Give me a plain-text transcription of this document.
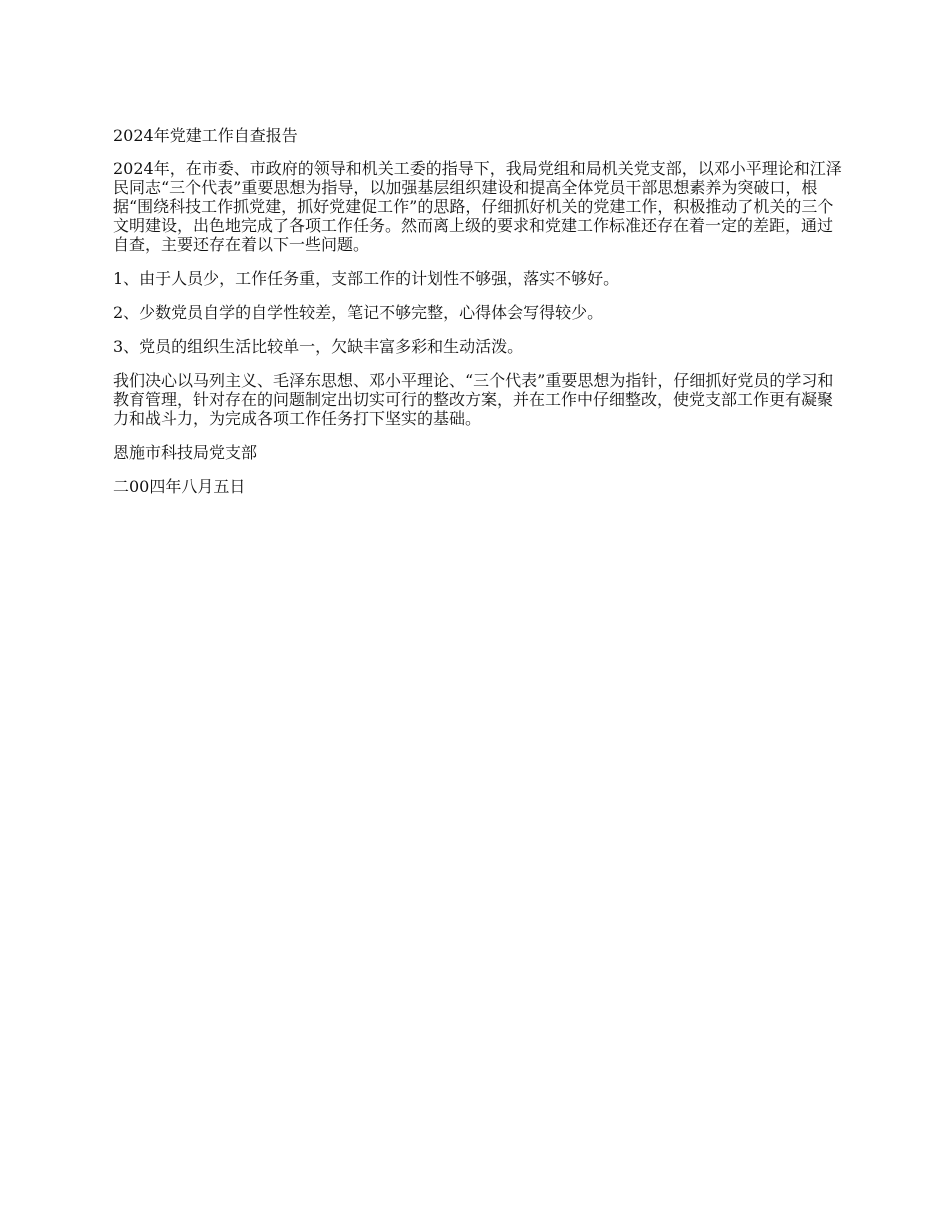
2024年党建工作自查报告

2024年，在市委、市政府的领导和机关工委的指导下，我局党组和局机关党支部，以邓小平理论和江泽民同志“三个代表”重要思想为指导，以加强基层组织建设和提高全体党员干部思想素养为突破口，根据“围绕科技工作抓党建，抓好党建促工作”的思路，仔细抓好机关的党建工作，积极推动了机关的三个文明建设，出色地完成了各项工作任务。然而离上级的要求和党建工作标准还存在着一定的差距，通过自查，主要还存在着以下一些问题。

1、由于人员少，工作任务重，支部工作的计划性不够强，落实不够好。

2、少数党员自学的自学性较差，笔记不够完整，心得体会写得较少。

3、党员的组织生活比较单一，欠缺丰富多彩和生动活泼。

我们决心以马列主义、毛泽东思想、邓小平理论、“三个代表”重要思想为指针，仔细抓好党员的学习和教育管理，针对存在的问题制定出切实可行的整改方案，并在工作中仔细整改，使党支部工作更有凝聚力和战斗力，为完成各项工作任务打下坚实的基础。

恩施市科技局党支部

二00四年八月五日
